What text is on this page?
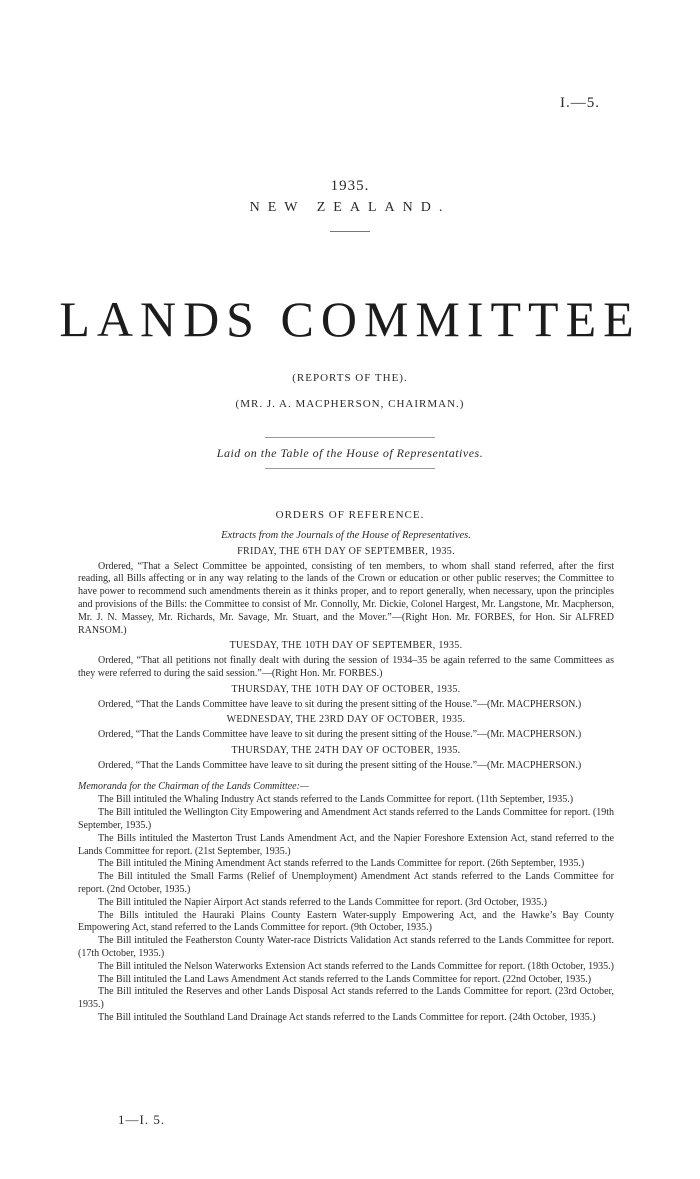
I.—5.
1935.
NEW ZEALAND.
LANDS COMMITTEE
(REPORTS OF THE).
(MR. J. A. MACPHERSON, CHAIRMAN.)
Laid on the Table of the House of Representatives.
ORDERS OF REFERENCE.

Extracts from the Journals of the House of Representatives.

FRIDAY, THE 6TH DAY OF SEPTEMBER, 1935.

Ordered, “That a Select Committee be appointed, consisting of ten members, to whom shall stand referred, after the first reading, all Bills affecting or in any way relating to the lands of the Crown or education or other public reserves; the Committee to have power to recommend such amendments therein as it thinks proper, and to report generally, when necessary, upon the principles and provisions of the Bills: the Committee to consist of Mr. Connolly, Mr. Dickie, Colonel Hargest, Mr. Langstone, Mr. Macpherson, Mr. J. N. Massey, Mr. Richards, Mr. Savage, Mr. Stuart, and the Mover.”—(Right Hon. Mr. FORBES, for Hon. Sir ALFRED RANSOM.)

TUESDAY, THE 10TH DAY OF SEPTEMBER, 1935.

Ordered, “That all petitions not finally dealt with during the session of 1934–35 be again referred to the same Committees as they were referred to during the said session.”—(Right Hon. Mr. FORBES.)

THURSDAY, THE 10TH DAY OF OCTOBER, 1935.

Ordered, “That the Lands Committee have leave to sit during the present sitting of the House.”—(Mr. MACPHERSON.)

WEDNESDAY, THE 23RD DAY OF OCTOBER, 1935.

Ordered, “That the Lands Committee have leave to sit during the present sitting of the House.”—(Mr. MACPHERSON.)

THURSDAY, THE 24TH DAY OF OCTOBER, 1935.

Ordered, “That the Lands Committee have leave to sit during the present sitting of the House.”—(Mr. MACPHERSON.)

Memoranda for the Chairman of the Lands Committee:—

The Bill intituled the Whaling Industry Act stands referred to the Lands Committee for report. (11th September, 1935.)

The Bill intituled the Wellington City Empowering and Amendment Act stands referred to the Lands Committee for report. (19th September, 1935.)

The Bills intituled the Masterton Trust Lands Amendment Act, and the Napier Foreshore Extension Act, stand referred to the Lands Committee for report. (21st September, 1935.)

The Bill intituled the Mining Amendment Act stands referred to the Lands Committee for report. (26th September, 1935.)

The Bill intituled the Small Farms (Relief of Unemployment) Amendment Act stands referred to the Lands Committee for report. (2nd October, 1935.)

The Bill intituled the Napier Airport Act stands referred to the Lands Committee for report. (3rd October, 1935.)

The Bills intituled the Hauraki Plains County Eastern Water-supply Empowering Act, and the Hawke’s Bay County Empowering Act, stand referred to the Lands Committee for report. (9th October, 1935.)

The Bill intituled the Featherston County Water-race Districts Validation Act stands referred to the Lands Committee for report. (17th October, 1935.)

The Bill intituled the Nelson Waterworks Extension Act stands referred to the Lands Committee for report. (18th October, 1935.)

The Bill intituled the Land Laws Amendment Act stands referred to the Lands Committee for report. (22nd October, 1935.)

The Bill intituled the Reserves and other Lands Disposal Act stands referred to the Lands Committee for report. (23rd October, 1935.)

The Bill intituled the Southland Land Drainage Act stands referred to the Lands Committee for report. (24th October, 1935.)

1—I. 5.
